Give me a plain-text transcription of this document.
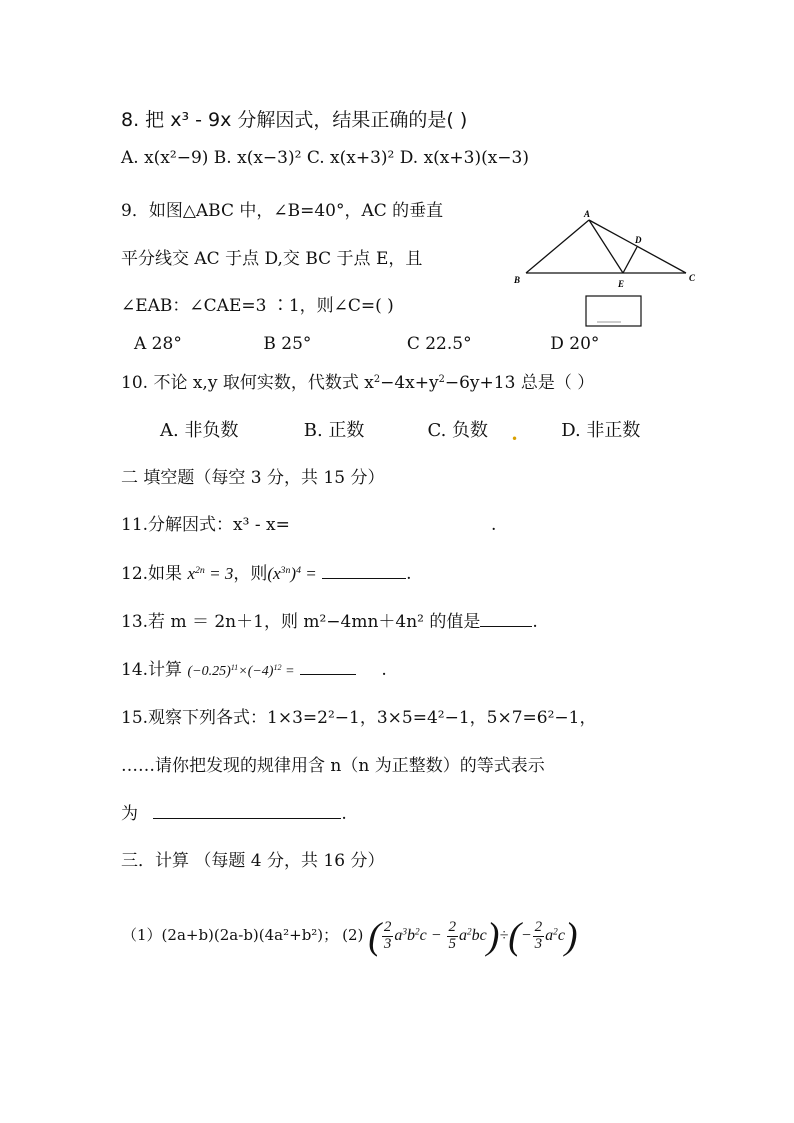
8. 把 x³ - 9x 分解因式，结果正确的是( )
A. x(x²−9) B. x(x−3)² C. x(x+3)² D. x(x+3)(x−3)
9．如图△ABC 中，∠B=40°，AC 的垂直
平分线交 AC 于点 D,交 BC 于点 E，且
∠EAB：∠CAE=3 ∶1，则∠C=( )
A 28°	B 25°	C 22.5°	D 20°
A
B	C
D
E
10. 不论 x,y 取何实数，代数式 $x^2-4x+y^2-6y+13$ 总是（ ）
A. 非负数	B. 正数	C. 负数	D. 非正数
•
二 填空题（每空 3 分，共 15 分）
11.分解因式：x³ - x=	.
12.如果 $x^{2n} = 3$，则$(x^{3n})^4$ =	.
13.若 m ＝ 2n＋1，则 m²−4mn＋4n² 的值是	.
14.计算 $(-0.25)^{11}\times(-4)^{12}$ =	.
15.观察下列各式：1×3=2²−1，3×5=4²−1，5×7=6²−1，
……请你把发现的规律用含 n（n 为正整数）的等式表示
为	.
三．计算 （每题 4 分，共 16 分）
（1）(2a+b)(2a-b)(4a²+b²)； (2) ( $\frac{2}{3} a^3b^2c - \frac{2}{5} a^2bc)\div(- \frac{2}{3} a^2c)$
